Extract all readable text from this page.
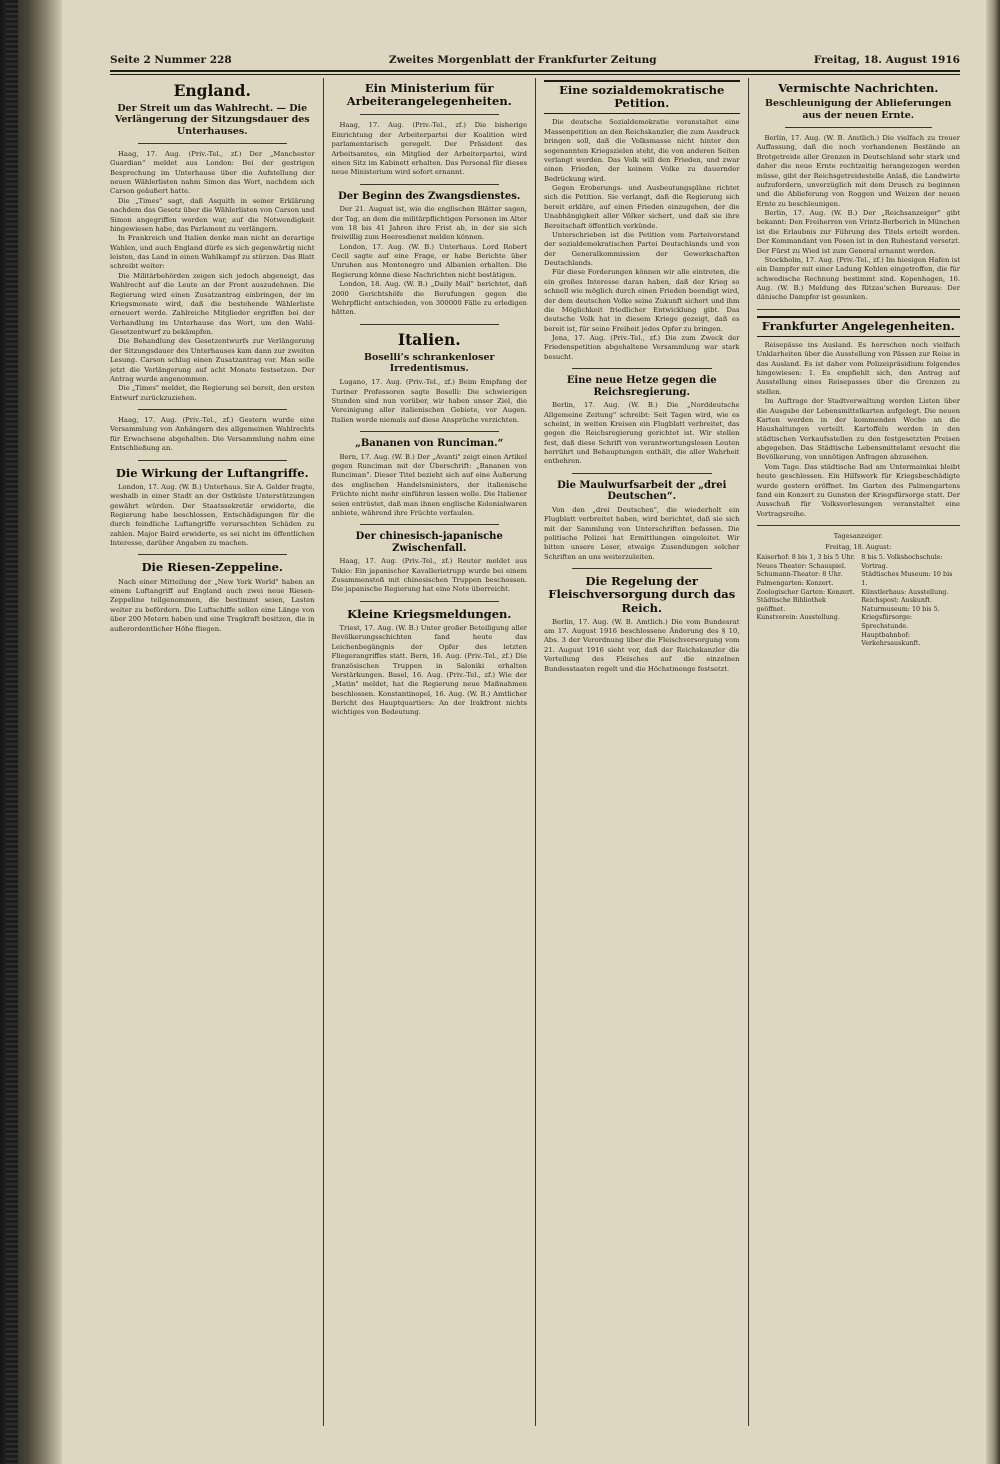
Seite 2 Nummer 228	Zweites Morgenblatt der Frankfurter Zeitung	Freitag, 18. August 1916
England.
Der Streit um das Wahlrecht. — Die Verlängerung der Sitzungsdauer des Unterhauses.

Haag, 17. Aug. (Priv.-Tel., zf.) Der „Manchester Guardian" meldet aus London: Bei der gestrigen Besprechung im Unterhause über die Aufstellung der neuen Wählerlisten nahm Simon das Wort, nachdem sich Carson geäußert hatte.

Die „Times" sagt, daß Asquith in seiner Erklärung nachdem das Gesetz über die Wählerlisten von Carson und Simon angegriffen worden war, auf die Notwendigkeit hingewiesen habe, das Parlament zu verlängern.

In Frankreich und Italien denke man nicht an derartige Wahlen, und auch England dürfe es sich gegenwärtig nicht leisten, das Land in einen Wahlkampf zu stürzen. Das Blatt schreibt weiter:

Die Militärbehörden zeigen sich jedoch abgeneigt, das Wahlrecht auf die Leute an der Front auszudehnen. Die Regierung wird einen Zusatzantrag einbringen, der im Kriegsmonate wird, daß die bestehende Wählerliste erneuert werde. Zahlreiche Mitglieder ergriffen bei der Verhandlung im Unterhause das Wort, um den Wahl-Gesetzentwurf zu bekämpfen.

Die Behandlung des Gesetzentwurfs zur Verlängerung der Sitzungsdauer des Unterhauses kam dann zur zweiten Lesung. Carson schlug einen Zusatzantrag vor. Man solle jetzt die Verlängerung auf acht Monate festsetzen. Der Antrag wurde angenommen.

Die „Times" meldet, die Regierung sei bereit, den ersten Entwurf zurückzuziehen.

Haag, 17. Aug. (Priv.-Tel., zf.) Gestern wurde eine Versammlung von Anhängern des allgemeinen Wahlrechts für Erwachsene abgehalten. Die Versammlung nahm eine Entschließung an.

Die Wirkung der Luftangriffe.

London, 17. Aug. (W. B.) Unterhaus. Sir A. Gelder fragte, weshalb in einer Stadt an der Ostküste Unterstützungen gewährt würden. Der Staatssekretär erwiderte, die Regierung habe beschlossen, Entschädigungen für die durch feindliche Luftangriffe verursachten Schäden zu zahlen. Major Baird erwiderte, es sei nicht im öffentlichen Interesse, darüber Angaben zu machen.

Die Riesen-Zeppeline.

Nach einer Mitteilung der „New York World" haben an einem Luftangriff auf England auch zwei neue Riesen-Zeppeline teilgenommen, die bestimmt seien, Lasten weiter zu befördern. Die Luftschiffe sollen eine Länge von über 200 Metern haben und eine Tragkraft besitzen, die in außerordentlicher Höhe fliegen.

Ein Ministerium für Arbeiterangelegenheiten.

Haag, 17. Aug. (Priv.-Tel., zf.) Die bisherige Einrichtung der Arbeiterpartei der Koalition wird parlamentarisch geregelt. Der Präsident des Arbeitsamtes, ein Mitglied der Arbeiterpartei, wird einen Sitz im Kabinett erhalten. Das Personal für dieses neue Ministerium wird sofort ernannt.

Der Beginn des Zwangsdienstes.

Der 21. August ist, wie die englischen Blätter sagen, der Tag, an dem die militärpflichtigen Personen im Alter von 18 bis 41 Jahren ihre Frist ab, in der sie sich freiwillig zum Heeresdienst melden können.

London, 17. Aug. (W. B.) Unterhaus. Lord Robert Cecil sagte auf eine Frage, er habe Berichte über Unruhen aus Montenegro und Albanien erhalten. Die Regierung könne diese Nachrichten nicht bestätigen.

London, 18. Aug. (W. B.) „Daily Mail" berichtet, daß 2000 Gerichtshöfe die Berufungen gegen die Wehrpflicht entschieden, von 300000 Fälle zu erledigen hätten.

Italien.
Boselli’s schrankenloser Irredentismus.

Lugano, 17. Aug. (Priv.-Tel., zf.) Beim Empfang der Turiner Professoren sagte Boselli: Die schwierigen Stunden sind nun vorüber, wir haben unser Ziel, die Vereinigung aller italienischen Gebiete, vor Augen. Italien werde niemals auf diese Ansprüche verzichten.

„Bananen von Runciman.“

Bern, 17. Aug. (W. B.) Der „Avanti" zeigt einen Artikel gegen Runciman mit der Überschrift: „Bananen von Runciman". Dieser Titel bezieht sich auf eine Äußerung des englischen Handelsministers, der italienische Früchte nicht mehr einführen lassen wolle. Die Italiener seien entrüstet, daß man ihnen englische Kolonialwaren anbiete, während ihre Früchte verfaulen.

Der chinesisch-japanische Zwischenfall.

Haag, 17. Aug. (Priv.-Tel., zf.) Reuter meldet aus Tokio: Ein japanischer Kavallerietrupp wurde bei einem Zusammenstoß mit chinesischen Truppen beschossen. Die japanische Regierung hat eine Note überreicht.

Kleine Kriegsmeldungen.

Triest, 17. Aug. (W. B.) Unter großer Beteiligung aller Bevölkerungsschichten fand heute das Leichenbegängnis der Opfer des letzten Fliegerangriffes statt. Bern, 16. Aug. (Priv.-Tel., zf.) Die französischen Truppen in Saloniki erhalten Verstärkungen. Basel, 16. Aug. (Priv.-Tel., zf.) Wie der „Matin" meldet, hat die Regierung neue Maßnahmen beschlossen. Konstantinopel, 16. Aug. (W. B.) Amtlicher Bericht des Hauptquartiers: An der Irakfront nichts wichtiges von Bedeutung.

Eine sozialdemokratische Petition.

Die deutsche Sozialdemokratie veranstaltet eine Massenpetition an den Reichskanzler, die zum Ausdruck bringen soll, daß die Volksmasse nicht hinter den sogenannten Kriegszielen steht, die von anderen Seiten verlangt werden. Das Volk will den Frieden, und zwar einen Frieden, der keinem Volke zu dauernder Bedrückung wird.

Gegen Eroberungs- und Ausbeutungspläne richtet sich die Petition. Sie verlangt, daß die Regierung sich bereit erkläre, auf einen Frieden einzugehen, der die Unabhängigkeit aller Völker sichert, und daß sie ihre Bereitschaft öffentlich verkünde.

Unterschrieben ist die Petition vom Parteivorstand der sozialdemokratischen Partei Deutschlands und von der Generalkommission der Gewerkschaften Deutschlands.

Für diese Forderungen können wir alle eintreten, die ein großes Interesse daran haben, daß der Krieg so schnell wie möglich durch einen Frieden beendigt wird, der dem deutschen Volke seine Zukunft sichert und ihm die Möglichkeit friedlicher Entwicklung gibt. Das deutsche Volk hat in diesem Kriege gezeigt, daß es bereit ist, für seine Freiheit jedes Opfer zu bringen.

Jena, 17. Aug. (Priv.-Tel., zf.) Die zum Zweck der Friedenspetition abgehaltene Versammlung war stark besucht.

Eine neue Hetze gegen die Reichsregierung.

Berlin, 17. Aug. (W. B.) Die „Norddeutsche Allgemeine Zeitung" schreibt: Seit Tagen wird, wie es scheint, in weiten Kreisen ein Flugblatt verbreitet, das gegen die Reichsregierung gerichtet ist. Wir stellen fest, daß diese Schrift von verantwortungslosen Leuten herrührt und Behauptungen enthält, die aller Wahrheit entbehren.

Die Maulwurfsarbeit der „drei Deutschen“.

Von den „drei Deutschen", die wiederholt ein Flugblatt verbreitet haben, wird berichtet, daß sie sich mit der Sammlung von Unterschriften befassen. Die politische Polizei hat Ermittlungen eingeleitet. Wir bitten unsere Leser, etwaige Zusendungen solcher Schriften an uns weiterzuleiten.

Die Regelung der Fleischversorgung durch das Reich.

Berlin, 17. Aug. (W. B. Amtlich.) Die vom Bundesrat am 17. August 1916 beschlossene Änderung des § 10, Abs. 3 der Verordnung über die Fleischversorgung vom 21. August 1916 sieht vor, daß der Reichskanzler die Verteilung des Fleisches auf die einzelnen Bundesstaaten regelt und die Höchstmenge festsetzt.

Vermischte Nachrichten.
Beschleunigung der Ablieferungen aus der neuen Ernte.

Berlin, 17. Aug. (W. B. Amtlich.) Die vielfach zu treuer Auffassung, daß die noch vorhandenen Bestände an Brotgetreide aller Grenzen in Deutschland sehr stark und daher die neue Ernte rechtzeitig herangezogen werden müsse, gibt der Reichsgetreidestelle Anlaß, die Landwirte aufzufordern, unverzüglich mit dem Drusch zu beginnen und die Ablieferung von Roggen und Weizen der neuen Ernte zu beschleunigen.

Berlin, 17. Aug. (W. B.) Der „Reichsanzeiger" gibt bekannt: Den Freiherren von Vrintz-Berberich in München ist die Erlaubnis zur Führung des Titels erteilt worden. Der Kommandant von Posen ist in den Ruhestand versetzt. Der Fürst zu Wied ist zum General ernannt worden.

Stockholm, 17. Aug. (Priv.-Tel., zf.) Im hiesigen Hafen ist ein Dampfer mit einer Ladung Kohlen eingetroffen, die für schwedische Rechnung bestimmt sind. Kopenhagen, 16. Aug. (W. B.) Meldung des Ritzau’schen Bureaus: Der dänische Dampfer ist gesunken.

Frankfurter Angelegenheiten.

Reisepässe ins Ausland. Es herrschen noch vielfach Unklarheiten über die Ausstellung von Pässen zur Reise in das Ausland. Es ist daher vom Polizeipräsidium folgendes hingewiesen: 1. Es empfiehlt sich, den Antrag auf Ausstellung eines Reisepasses über die Grenzen zu stellen.

Im Auftrage der Stadtverwaltung werden Listen über die Ausgabe der Lebensmittelkarten aufgelegt. Die neuen Karten werden in der kommenden Woche an die Haushaltungen verteilt. Kartoffeln werden in den städtischen Verkaufsstellen zu den festgesetzten Preisen abgegeben. Das Städtische Lebensmittelamt ersucht die Bevölkerung, von unnötigen Anfragen abzusehen.

Vom Tage. Das städtische Bad am Untermainkai bleibt heute geschlossen. Ein Hilfswerk für Kriegsbeschädigte wurde gestern eröffnet. Im Garten des Palmengartens fand ein Konzert zu Gunsten der Kriegsfürsorge statt. Der Ausschuß für Volksvorlesungen veranstaltet eine Vortragsreihe.

Tagesanzeiger.
Freitag, 18. August:
Kaiserhof: 8 bis 1, 3 bis 5 Uhr.
Neues Theater: Schauspiel.
Schumann-Theater: 8 Uhr.
Palmengarten: Konzert.
Zoologischer Garten: Konzert.
Städtische Bibliothek geöffnet.
Kunstverein: Ausstellung.
8 bis 5. Volkshochschule: Vortrag.
Städtisches Museum: 10 bis 1.
Künstlerhaus: Ausstellung.
Reichspost: Auskunft.
Naturmuseum: 10 bis 5.
Kriegsfürsorge: Sprechstunde.
Hauptbahnhof: Verkehrsauskunft.
